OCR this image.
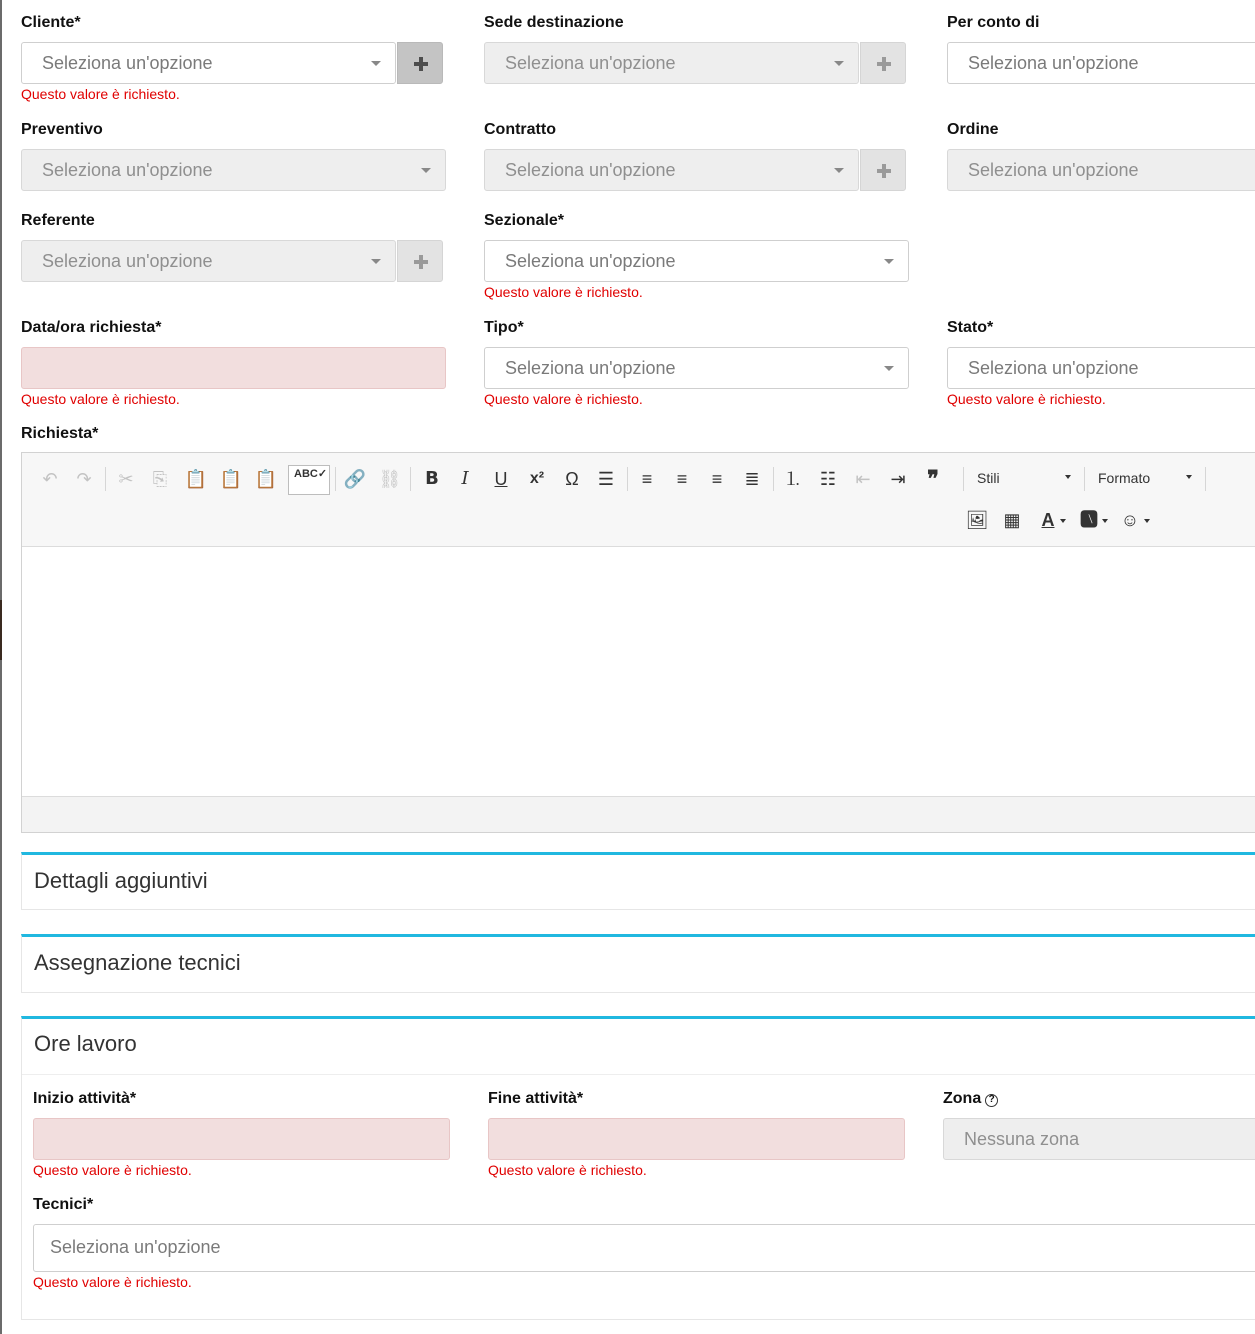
Cliente*
Seleziona un'opzione
Questo valore è richiesto.
Sede destinazione
Seleziona un'opzione
Per conto di
Seleziona un'opzione
Preventivo
Seleziona un'opzione
Contratto
Seleziona un'opzione
Ordine
Seleziona un'opzione
Referente
Seleziona un'opzione
Sezionale*
Seleziona un'opzione
Questo valore è richiesto.
Data/ora richiesta*
Questo valore è richiesto.
Tipo*
Seleziona un'opzione
Questo valore è richiesto.
Stato*
Seleziona un'opzione
Questo valore è richiesto.
Richiesta*
↶	↷	✂	⎘ 📋 📋 📋 ABC✓ 🔗 ⛓	B	I	U	x²	Ω	☰	≡	≡	≡	≣	⒈ ☷	⇤	⇥ ❞	Stili	Formato
🖼 ▦	A	🅰 ☺
Dettagli aggiuntivi
Assegnazione tecnici
Ore lavoro
Inizio attività*
Questo valore è richiesto.
Fine attività*
Questo valore è richiesto.
Zona ?
Nessuna zona
Tecnici*
Seleziona un'opzione
Questo valore è richiesto.
